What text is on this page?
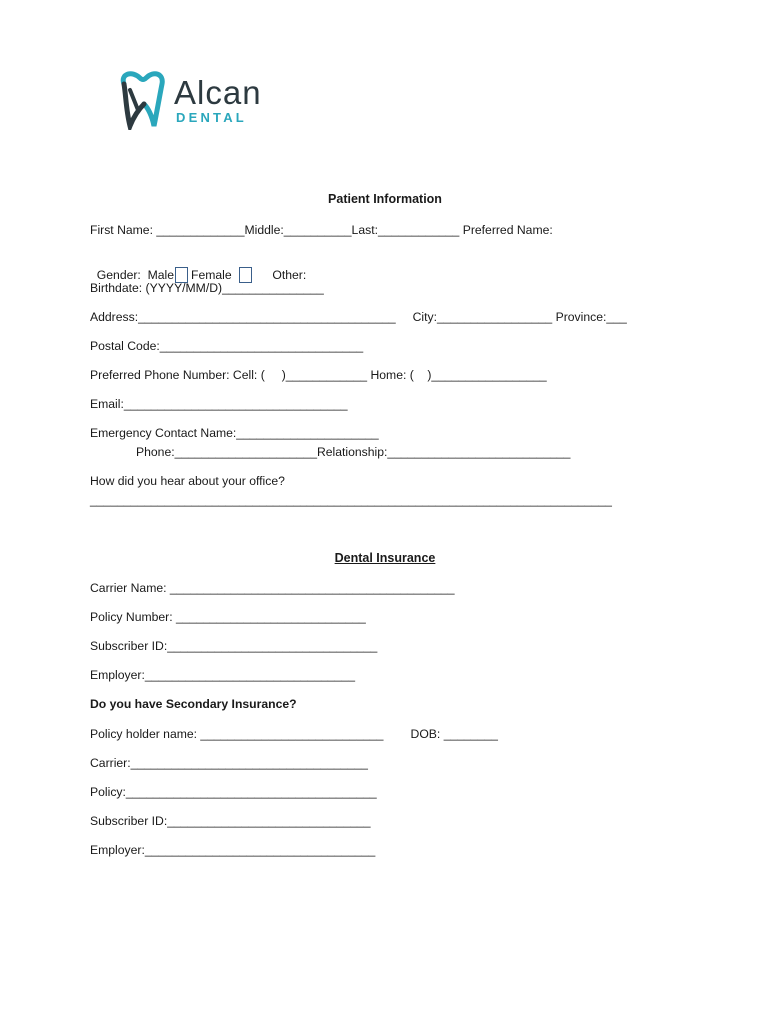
Alcan
DENTAL
Patient Information
First Name: _____________Middle:__________Last:____________ Preferred Name:

Gender:  Male Female	Other:

Birthdate: (YYYY/MM/D)_______________
Address:______________________________________     City:_________________ Province:___
Postal Code:______________________________
Preferred Phone Number: Cell: (     )____________ Home: (    )_________________
Email:_________________________________
Emergency Contact Name:_____________________
Phone:_____________________Relationship:___________________________
How did you hear about your office?
_____________________________________________________________________________
Dental Insurance
Carrier Name: __________________________________________
Policy Number: ____________________________
Subscriber ID:_______________________________
Employer:_______________________________
Do you have Secondary Insurance?
Policy holder name: ___________________________        DOB: ________
Carrier:___________________________________
Policy:_____________________________________
Subscriber ID:______________________________
Employer:__________________________________
